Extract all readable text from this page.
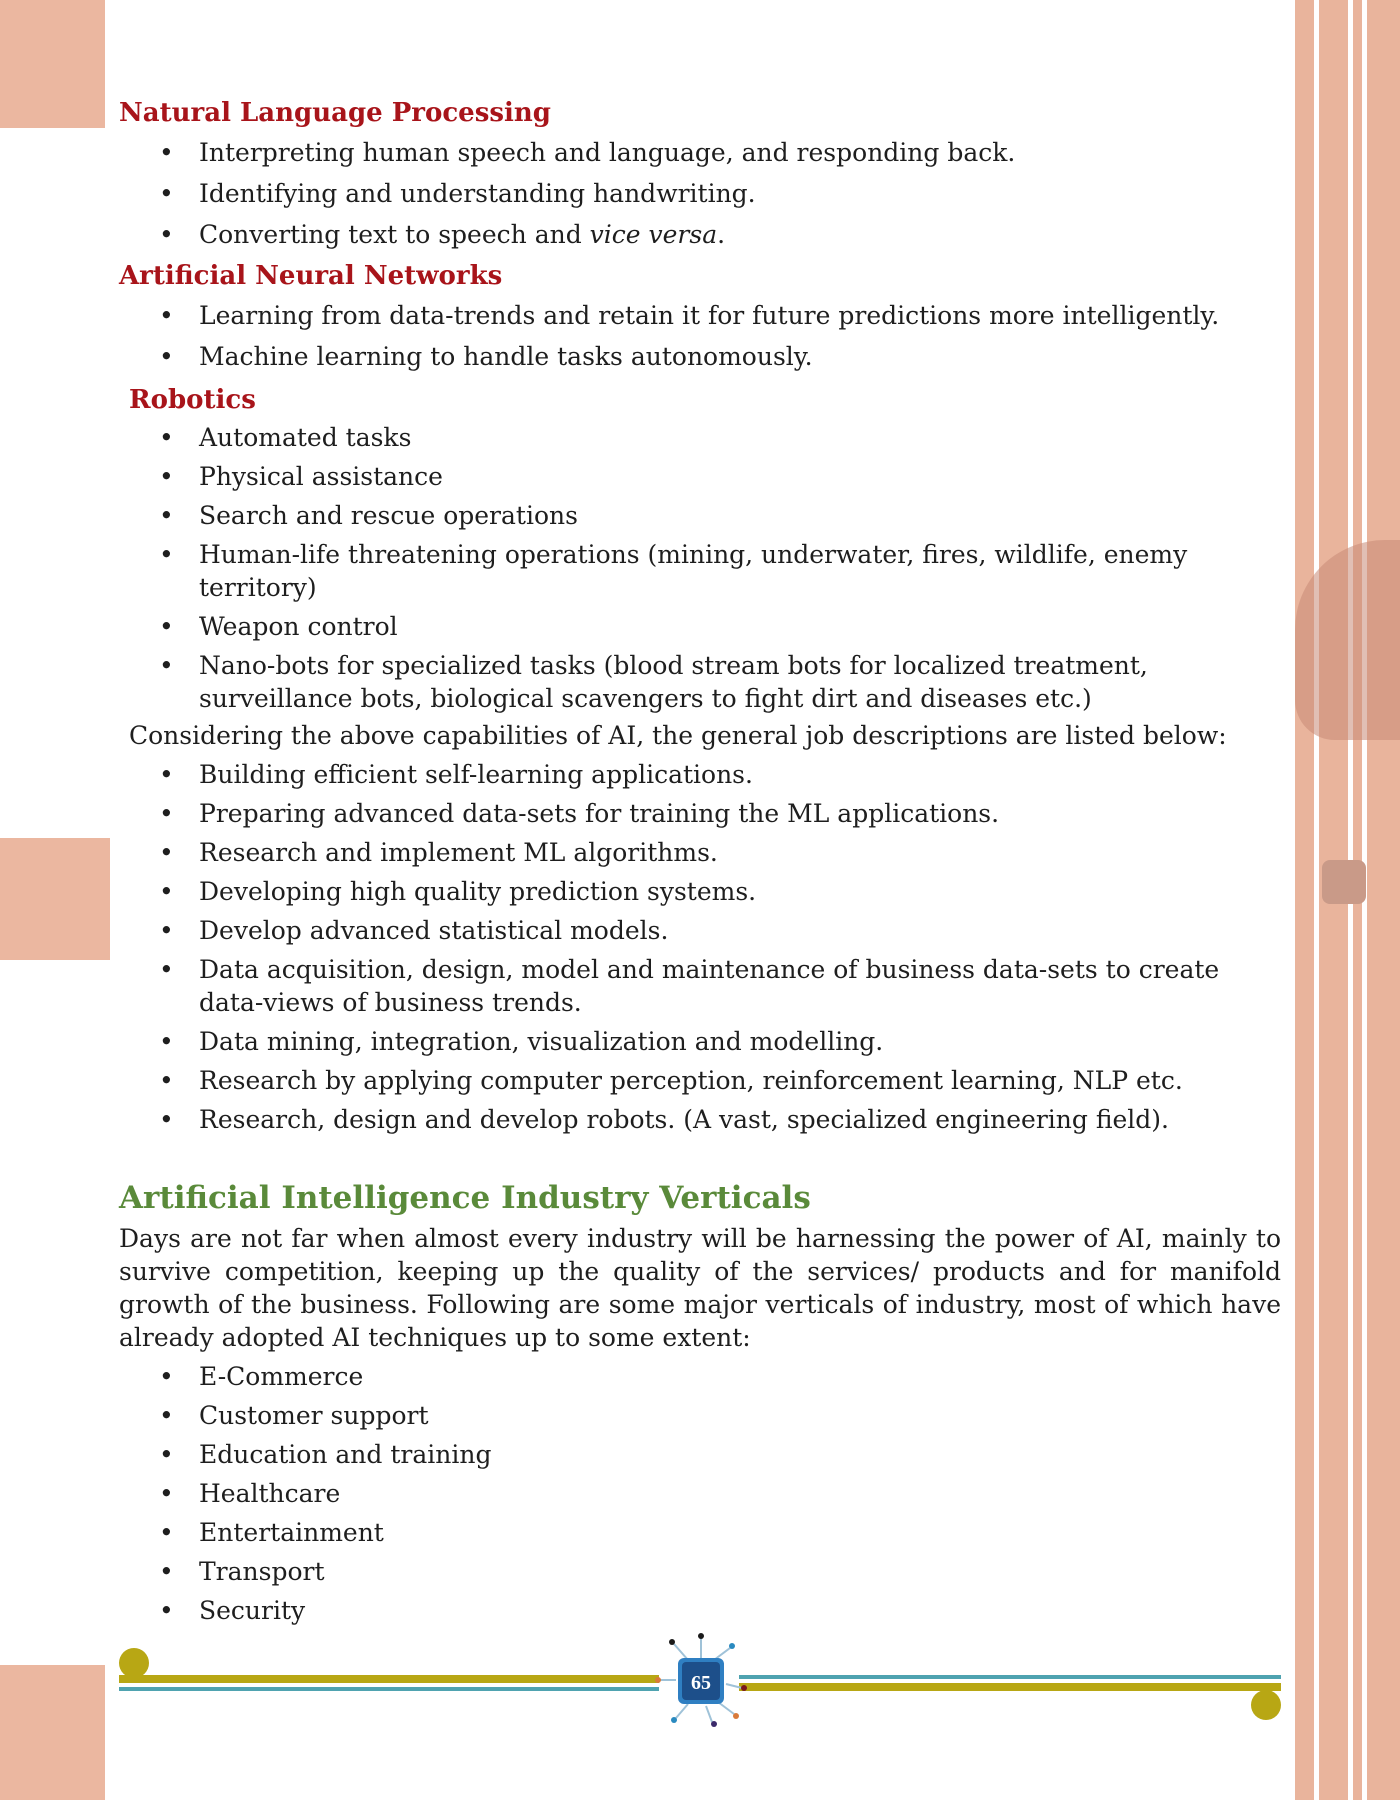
Natural Language Processing
• Interpreting human speech and language, and responding back.
• Identifying and understanding handwriting.
• Converting text to speech and vice versa.
Artificial Neural Networks
• Learning from data-trends and retain it for future predictions more intelligently.
• Machine learning to handle tasks autonomously.
Robotics
• Automated tasks
• Physical assistance
• Search and rescue operations
• Human-life threatening operations (mining, underwater, fires, wildlife, enemy territory)
• Weapon control
• Nano-bots for specialized tasks (blood stream bots for localized treatment, surveillance bots, biological scavengers to fight dirt and diseases etc.)

Considering the above capabilities of AI, the general job descriptions are listed below:

• Building efficient self-learning applications.
• Preparing advanced data-sets for training the ML applications.
• Research and implement ML algorithms.
• Developing high quality prediction systems.
• Develop advanced statistical models.
• Data acquisition, design, model and maintenance of business data-sets to create data-views of business trends.
• Data mining, integration, visualization and modelling.
• Research by applying computer perception, reinforcement learning, NLP etc.
• Research, design and develop robots. (A vast, specialized engineering field).
Artificial Intelligence Industry Verticals

Days are not far when almost every industry will be harnessing the power of AI, mainly to survive competition, keeping up the quality of the services/ products and for manifold growth of the business. Following are some major verticals of industry, most of which have already adopted AI techniques up to some extent:

• E-Commerce
• Customer support
• Education and training
• Healthcare
• Entertainment
• Transport
• Security
65
